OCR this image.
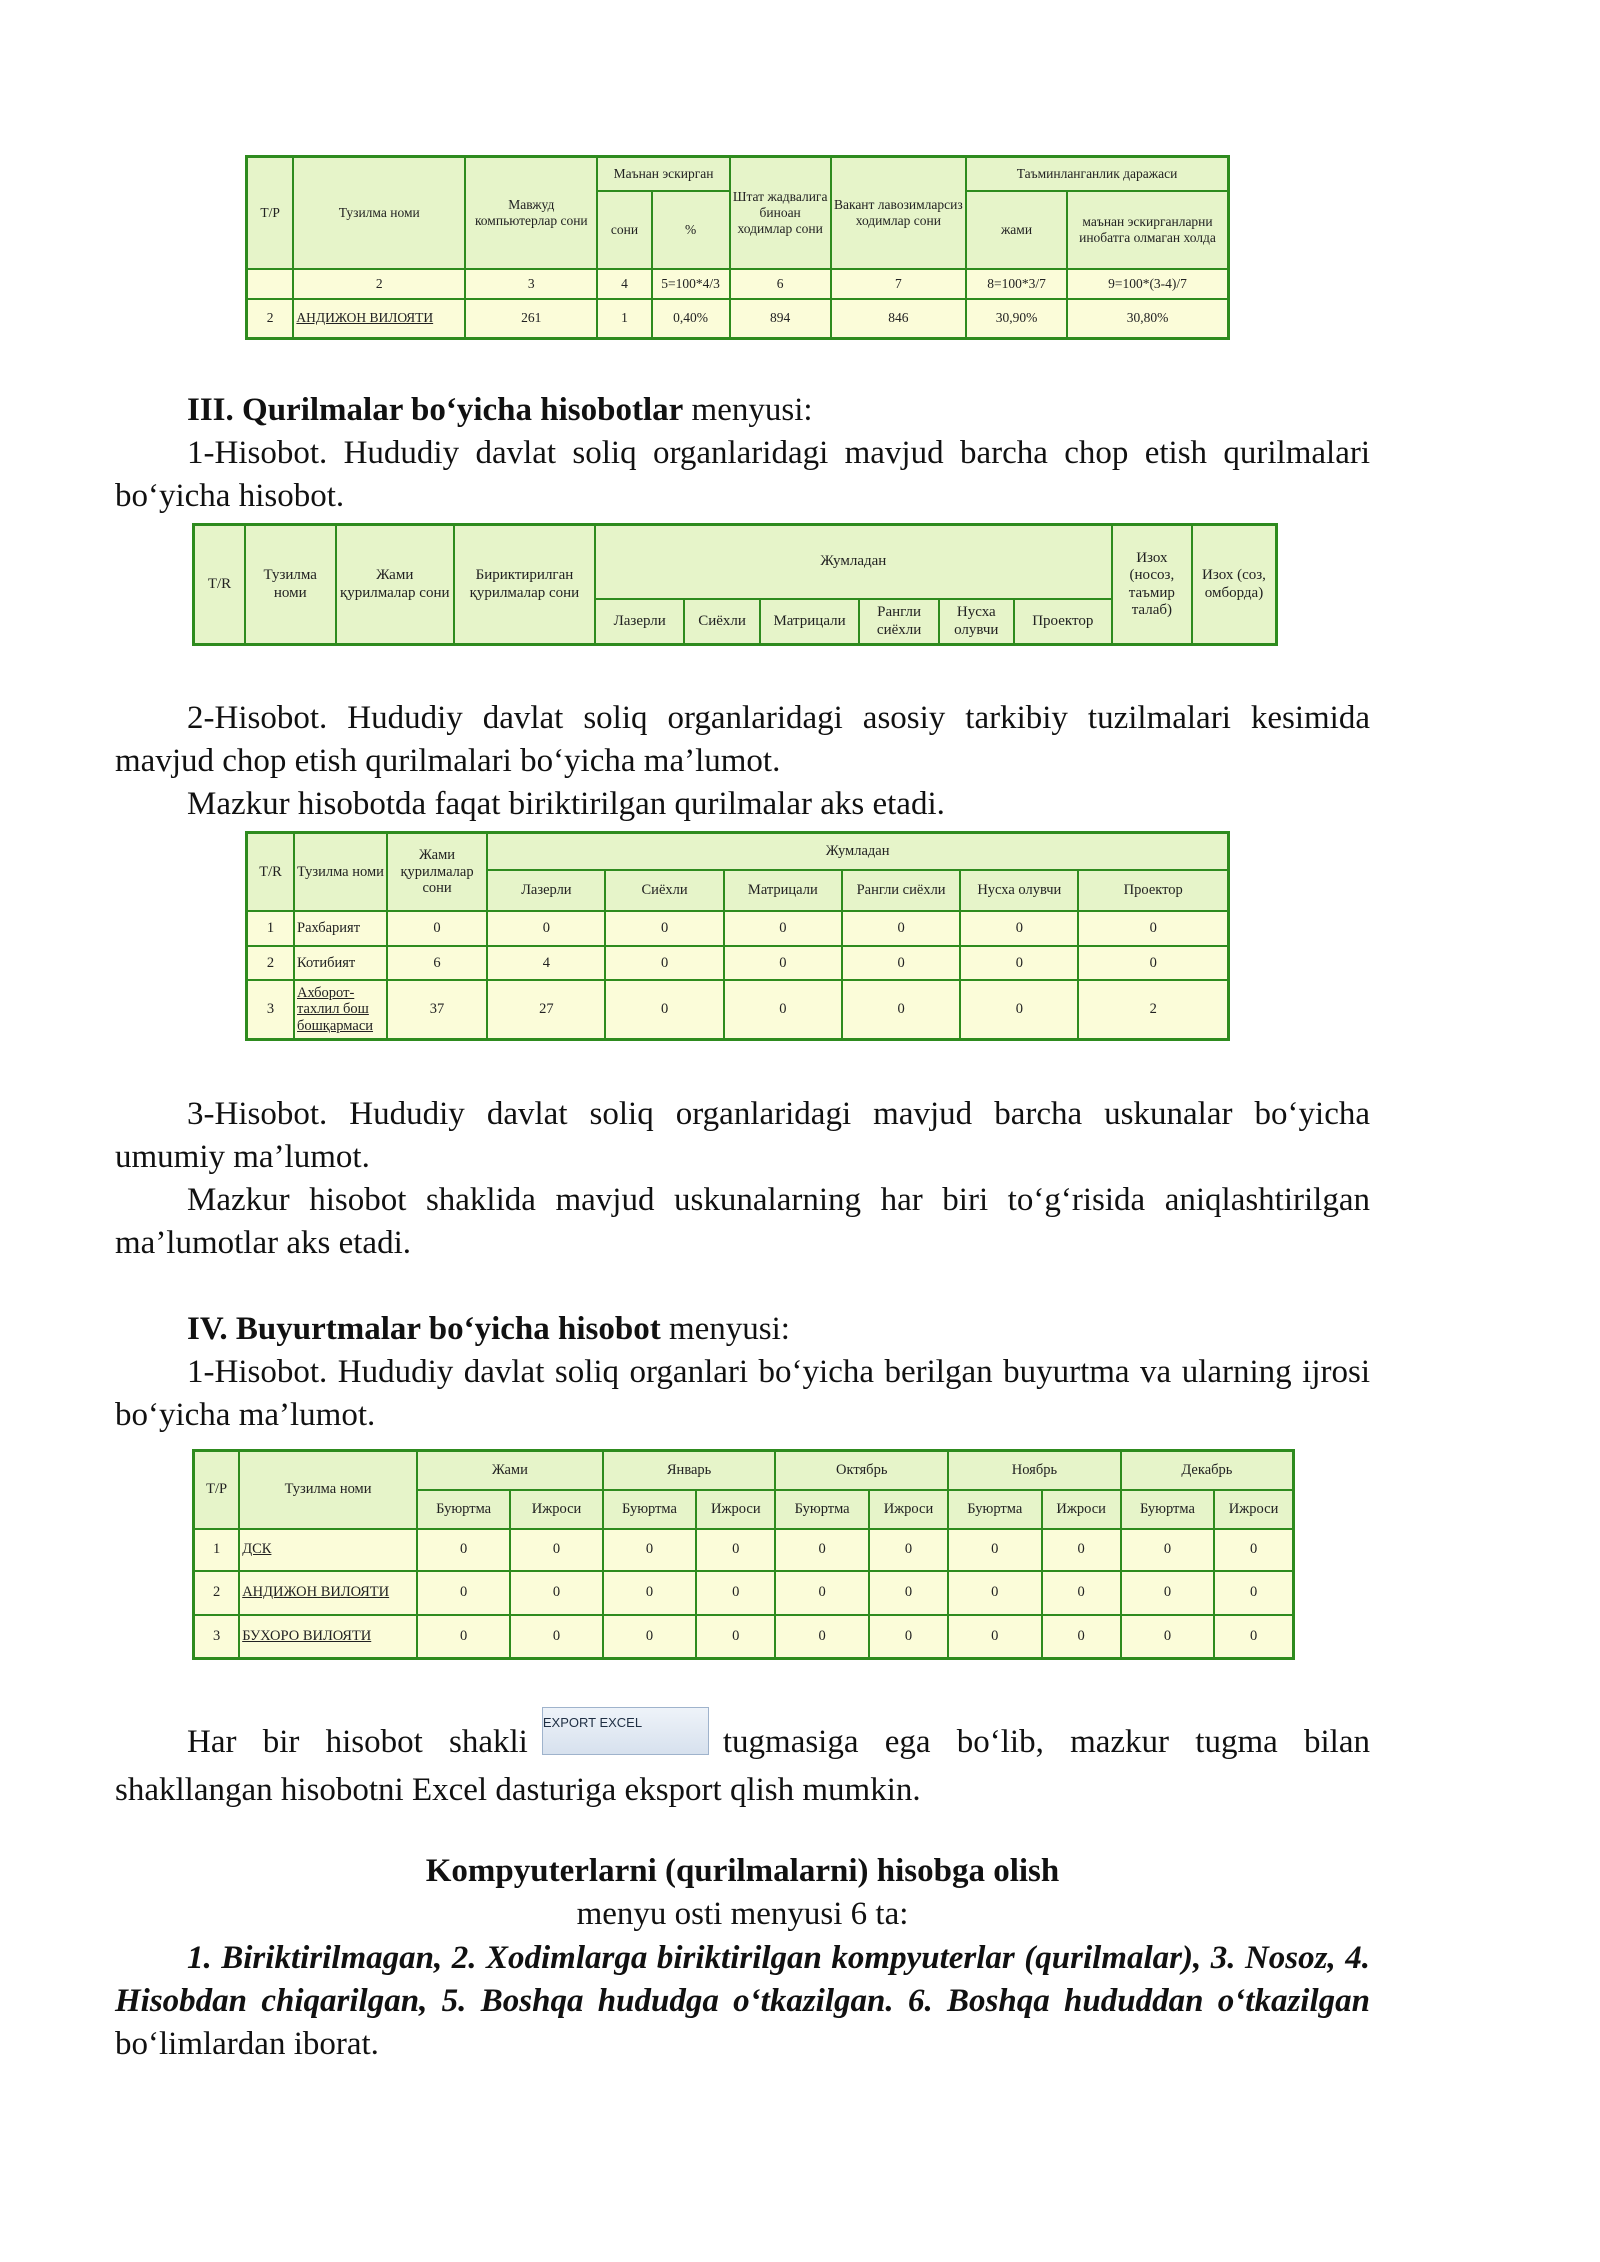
Т/Р	Тузилма номи	Мавжуд компьютерлар сони	Маънан эскирган		Штат жадвалига биноан ходимлар сони	Вакант лавозимларсиз ходимлар сони	Таъминланганлик даражаси	
			сони	%			жами	маънан эскирганларни инобатга олмаган холда
	2	3	4	5=100*4/3	6	7	8=100*3/7	9=100*(3-4)/7
2	АНДИЖОН ВИЛОЯТИ	261	1	0,40%	894	846	30,90%	30,80%

III. Qurilmalar bo‘yicha hisobotlar menyusi:

1-Hisobot. Hududiy davlat soliq organlaridagi mavjud barcha chop etish qurilmalari bo‘yicha hisobot.

T/R	Тузилма номи	Жами қурилмалар сони	Бириктирилган қурилмалар сони	Жумладан						Изох (носоз, таъмир талаб)	Изох (соз, омборда)
				Лазерли	Сиёхли	Матрицали	Рангли сиёхли	Нусха олувчи	Проектор		

2-Hisobot. Hududiy davlat soliq organlaridagi asosiy tarkibiy tuzilmalari kesimida mavjud chop etish qurilmalari bo‘yicha ma’lumot.

Mazkur hisobotda faqat biriktirilgan qurilmalar aks etadi.

T/R	Тузилма номи	Жами қурилмалар сони	Жумладан					
			Лазерли	Сиёхли	Матрицали	Рангли сиёхли	Нусха олувчи	Проектор
1	Рахбарият	0	0	0	0	0	0	0
2	Котибият	6	4	0	0	0	0	0
3	Ахборот-тахлил бош бошқармаси	37	27	0	0	0	0	2

3-Hisobot. Hududiy davlat soliq organlaridagi mavjud barcha uskunalar bo‘yicha umumiy ma’lumot.

Mazkur hisobot shaklida mavjud uskunalarning har biri to‘g‘risida aniqlashtirilgan ma’lumotlar aks etadi.

IV. Buyurtmalar bo‘yicha hisobot menyusi:

1-Hisobot. Hududiy davlat soliq organlari bo‘yicha berilgan buyurtma va ularning ijrosi bo‘yicha ma’lumot.

Т/Р	Тузилма номи	Жами		Январь		Октябрь		Ноябрь		Декабрь	
		Буюртма	Ижроси	Буюртма	Ижроси	Буюртма	Ижроси	Буюртма	Ижроси	Буюртма	Ижроси
1	ДСК	0	0	0	0	0	0	0	0	0	0
2	АНДИЖОН ВИЛОЯТИ	0	0	0	0	0	0	0	0	0	0
3	БУХОРО ВИЛОЯТИ	0	0	0	0	0	0	0	0	0	0

Har bir hisobot shakliEXPORT EXCELtugmasiga ega bo‘lib, mazkur tugma bilan shakllangan hisobotni Excel dasturiga eksport qlish mumkin.

Kompyuterlarni (qurilmalarni) hisobga olish

menyu osti menyusi 6 ta:

1. Biriktirilmagan, 2. Xodimlarga biriktirilgan kompyuterlar (qurilmalar), 3. Nosoz, 4. Hisobdan chiqarilgan, 5. Boshqa hududga o‘tkazilgan. 6. Boshqa hududdan o‘tkazilgan bo‘limlardan iborat.
